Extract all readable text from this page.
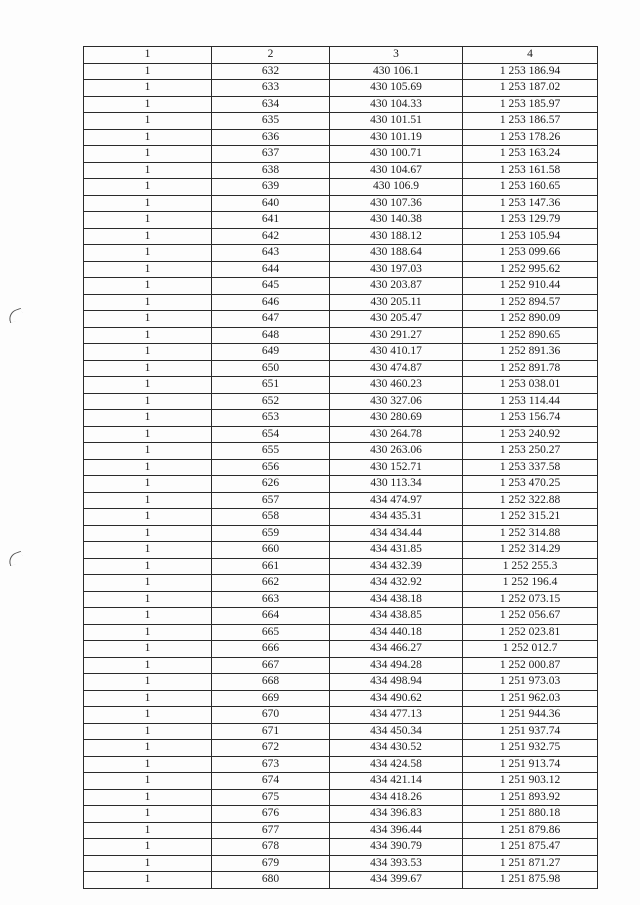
1	2	3	4
1	632	430 106.1	1 253 186.94
1	633	430 105.69	1 253 187.02
1	634	430 104.33	1 253 185.97
1	635	430 101.51	1 253 186.57
1	636	430 101.19	1 253 178.26
1	637	430 100.71	1 253 163.24
1	638	430 104.67	1 253 161.58
1	639	430 106.9	1 253 160.65
1	640	430 107.36	1 253 147.36
1	641	430 140.38	1 253 129.79
1	642	430 188.12	1 253 105.94
1	643	430 188.64	1 253 099.66
1	644	430 197.03	1 252 995.62
1	645	430 203.87	1 252 910.44
1	646	430 205.11	1 252 894.57
1	647	430 205.47	1 252 890.09
1	648	430 291.27	1 252 890.65
1	649	430 410.17	1 252 891.36
1	650	430 474.87	1 252 891.78
1	651	430 460.23	1 253 038.01
1	652	430 327.06	1 253 114.44
1	653	430 280.69	1 253 156.74
1	654	430 264.78	1 253 240.92
1	655	430 263.06	1 253 250.27
1	656	430 152.71	1 253 337.58
1	626	430 113.34	1 253 470.25
1	657	434 474.97	1 252 322.88
1	658	434 435.31	1 252 315.21
1	659	434 434.44	1 252 314.88
1	660	434 431.85	1 252 314.29
1	661	434 432.39	1 252 255.3
1	662	434 432.92	1 252 196.4
1	663	434 438.18	1 252 073.15
1	664	434 438.85	1 252 056.67
1	665	434 440.18	1 252 023.81
1	666	434 466.27	1 252 012.7
1	667	434 494.28	1 252 000.87
1	668	434 498.94	1 251 973.03
1	669	434 490.62	1 251 962.03
1	670	434 477.13	1 251 944.36
1	671	434 450.34	1 251 937.74
1	672	434 430.52	1 251 932.75
1	673	434 424.58	1 251 913.74
1	674	434 421.14	1 251 903.12
1	675	434 418.26	1 251 893.92
1	676	434 396.83	1 251 880.18
1	677	434 396.44	1 251 879.86
1	678	434 390.79	1 251 875.47
1	679	434 393.53	1 251 871.27
1	680	434 399.67	1 251 875.98
